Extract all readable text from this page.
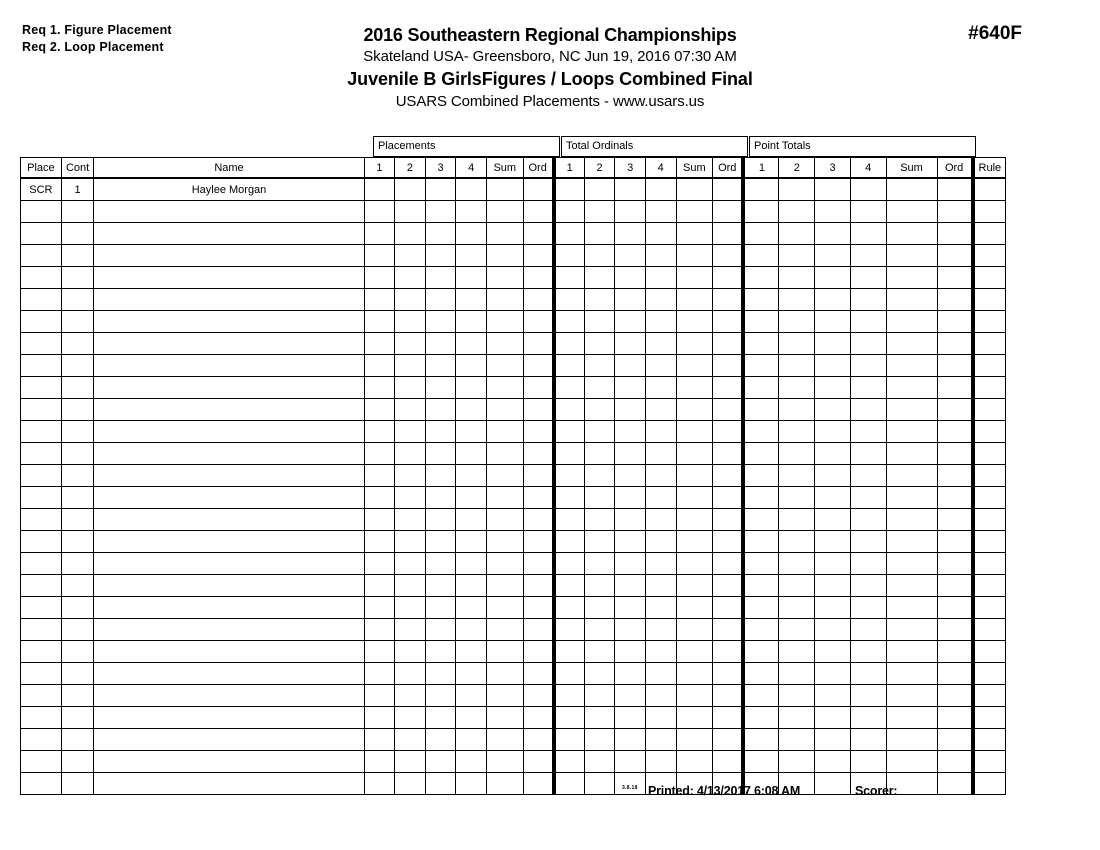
Req 1. Figure Placement
Req 2. Loop Placement
#640F
2016 Southeastern Regional Championships
Skateland USA- Greensboro, NC Jun 19, 2016 07:30 AM
Juvenile B GirlsFigures / Loops Combined Final
USARS Combined Placements - www.usars.us
Placements	Total Ordinals	Point Totals
Place	Cont	Name	1	2	3	4	Sum	Ord	1	2	3	4	Sum	Ord	1	2	3	4	Sum	Ord	Rule
SCR	1	Haylee Morgan																			

3.8.18 Printed: 4/13/2017 6:08 AM	Scorer:
